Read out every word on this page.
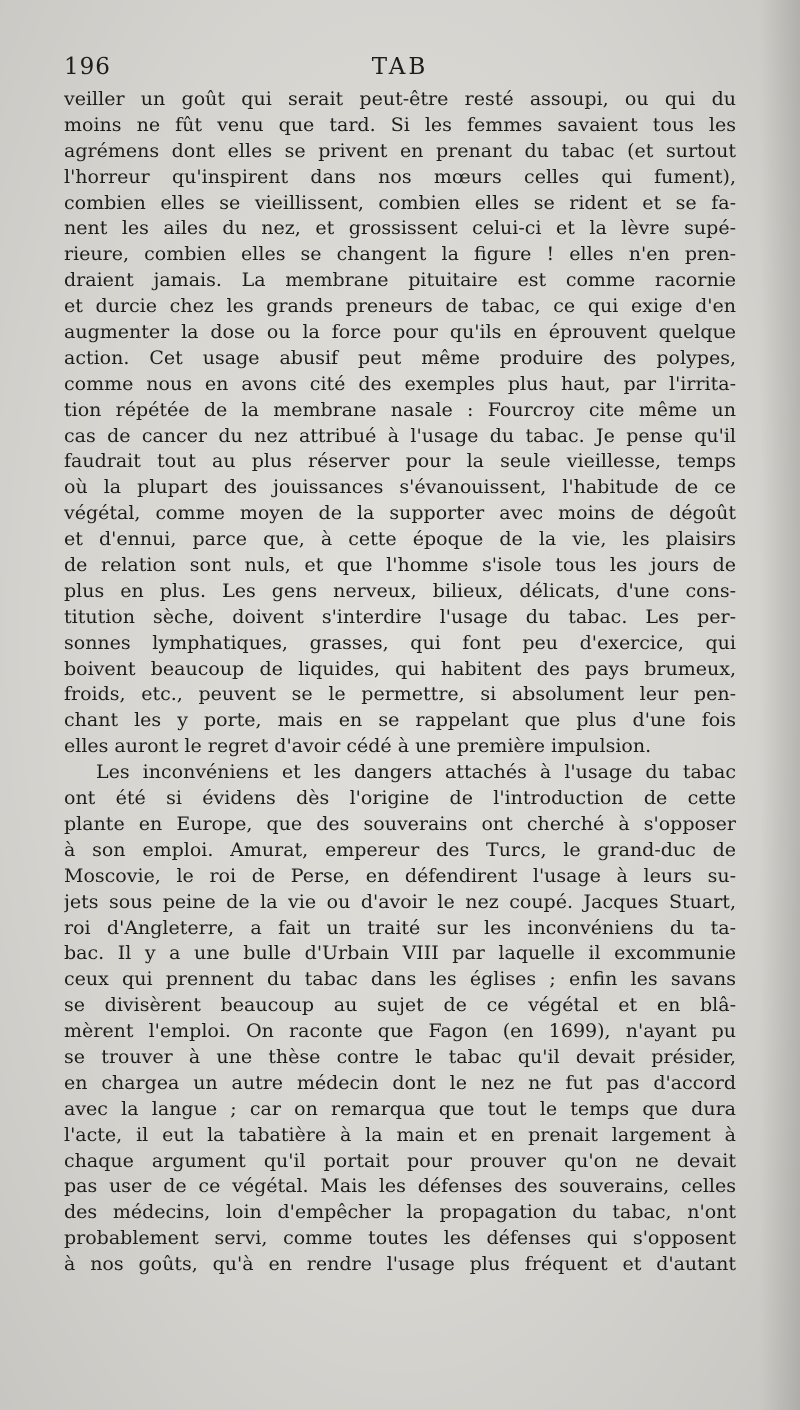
196	TAB
veiller un goût qui serait peut-être resté assoupi, ou qui du
moins ne fût venu que tard. Si les femmes savaient tous les
agrémens dont elles se privent en prenant du tabac (et surtout
l'horreur qu'inspirent dans nos mœurs celles qui fument),
combien elles se vieillissent, combien elles se rident et se fa-
nent les ailes du nez, et grossissent celui-ci et la lèvre supé-
rieure, combien elles se changent la figure ! elles n'en pren-
draient jamais. La membrane pituitaire est comme racornie
et durcie chez les grands preneurs de tabac, ce qui exige d'en
augmenter la dose ou la force pour qu'ils en éprouvent quelque
action. Cet usage abusif peut même produire des polypes,
comme nous en avons cité des exemples plus haut, par l'irrita-
tion répétée de la membrane nasale : Fourcroy cite même un
cas de cancer du nez attribué à l'usage du tabac. Je pense qu'il
faudrait tout au plus réserver pour la seule vieillesse, temps
où la plupart des jouissances s'évanouissent, l'habitude de ce
végétal, comme moyen de la supporter avec moins de dégoût
et d'ennui, parce que, à cette époque de la vie, les plaisirs
de relation sont nuls, et que l'homme s'isole tous les jours de
plus en plus. Les gens nerveux, bilieux, délicats, d'une cons-
titution sèche, doivent s'interdire l'usage du tabac. Les per-
sonnes lymphatiques, grasses, qui font peu d'exercice, qui
boivent beaucoup de liquides, qui habitent des pays brumeux,
froids, etc., peuvent se le permettre, si absolument leur pen-
chant les y porte, mais en se rappelant que plus d'une fois
elles auront le regret d'avoir cédé à une première impulsion.
Les inconvéniens et les dangers attachés à l'usage du tabac
ont été si évidens dès l'origine de l'introduction de cette
plante en Europe, que des souverains ont cherché à s'opposer
à son emploi. Amurat, empereur des Turcs, le grand-duc de
Moscovie, le roi de Perse, en défendirent l'usage à leurs su-
jets sous peine de la vie ou d'avoir le nez coupé. Jacques Stuart,
roi d'Angleterre, a fait un traité sur les inconvéniens du ta-
bac. Il y a une bulle d'Urbain VIII par laquelle il excommunie
ceux qui prennent du tabac dans les églises ; enfin les savans
se divisèrent beaucoup au sujet de ce végétal et en blâ-
mèrent l'emploi. On raconte que Fagon (en 1699), n'ayant pu
se trouver à une thèse contre le tabac qu'il devait présider,
en chargea un autre médecin dont le nez ne fut pas d'accord
avec la langue ; car on remarqua que tout le temps que dura
l'acte, il eut la tabatière à la main et en prenait largement à
chaque argument qu'il portait pour prouver qu'on ne devait
pas user de ce végétal. Mais les défenses des souverains, celles
des médecins, loin d'empêcher la propagation du tabac, n'ont
probablement servi, comme toutes les défenses qui s'opposent
à nos goûts, qu'à en rendre l'usage plus fréquent et d'autant
